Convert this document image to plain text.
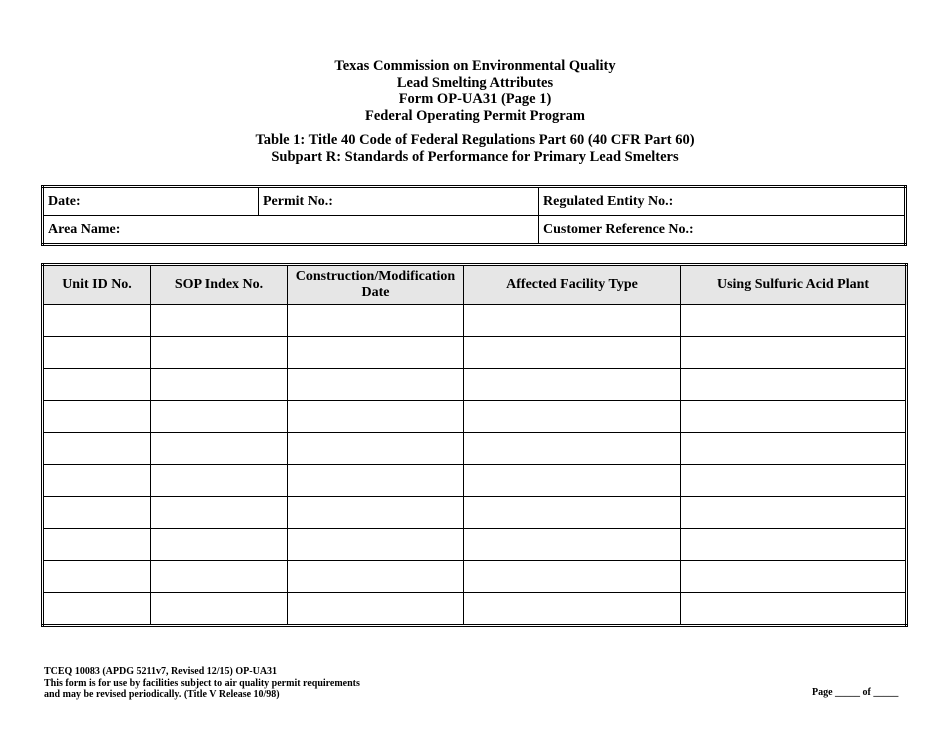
Texas Commission on Environmental Quality
Lead Smelting Attributes
Form OP-UA31 (Page 1)
Federal Operating Permit Program
Table 1: Title 40 Code of Federal Regulations Part 60 (40 CFR Part 60)
Subpart R: Standards of Performance for Primary Lead Smelters
Date:	Permit No.:	Regulated Entity No.:
Area Name:		Customer Reference No.:
Unit ID No.	SOP Index No.	Construction/Modification Date	Affected Facility Type	Using Sulfuric Acid Plant

TCEQ 10083 (APDG 5211v7, Revised 12/15) OP-UA31
This form is for use by facilities subject to air quality permit requirements
and may be revised periodically. (Title V Release 10/98)	Page _____ of _____
